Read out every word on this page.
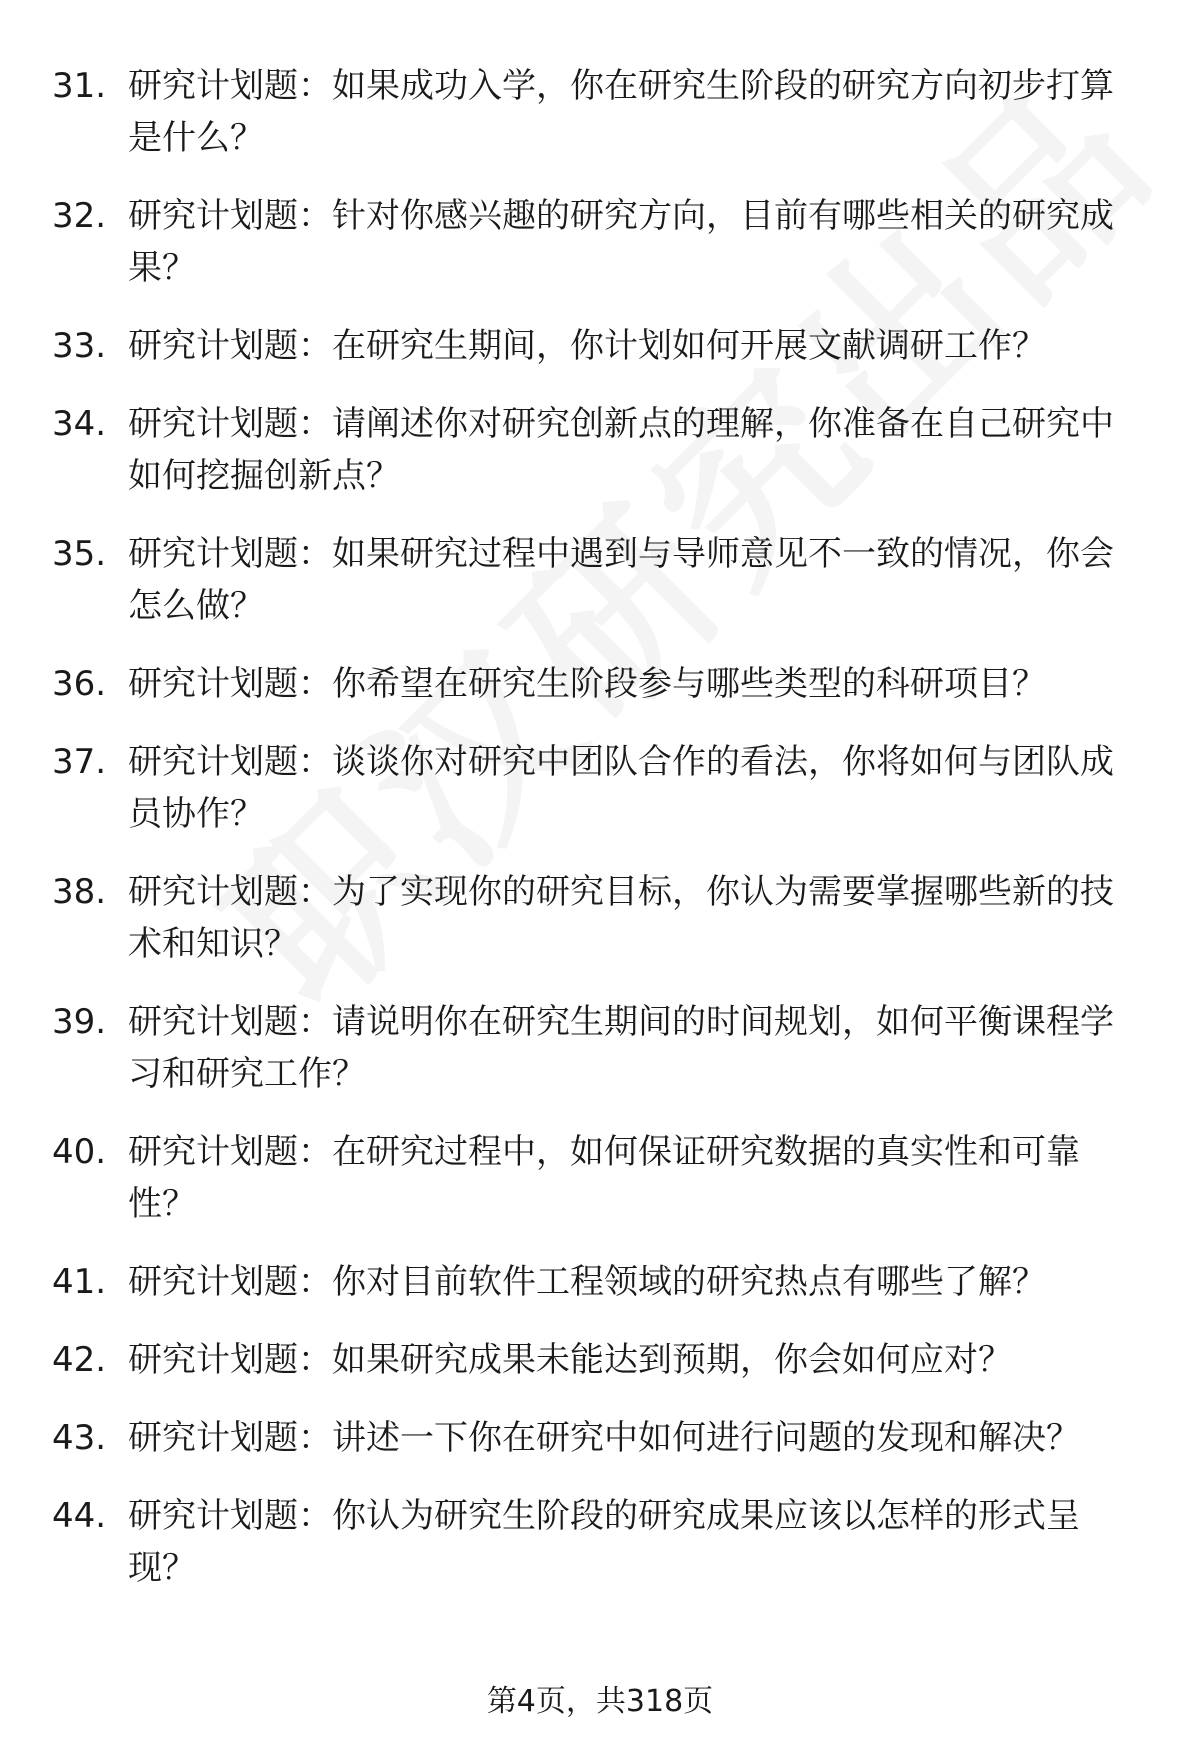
31. 研究计划题：如果成功入学，你在研究生阶段的研究方向初步打算是什么？
32. 研究计划题：针对你感兴趣的研究方向，目前有哪些相关的研究成果？
33. 研究计划题：在研究生期间，你计划如何开展文献调研工作？
34. 研究计划题：请阐述你对研究创新点的理解，你准备在自己研究中如何挖掘创新点？
35. 研究计划题：如果研究过程中遇到与导师意见不一致的情况，你会怎么做？
36. 研究计划题：你希望在研究生阶段参与哪些类型的科研项目？
37. 研究计划题：谈谈你对研究中团队合作的看法，你将如何与团队成员协作？
38. 研究计划题：为了实现你的研究目标，你认为需要掌握哪些新的技术和知识？
39. 研究计划题：请说明你在研究生期间的时间规划，如何平衡课程学习和研究工作？
40. 研究计划题：在研究过程中，如何保证研究数据的真实性和可靠性？
41. 研究计划题：你对目前软件工程领域的研究热点有哪些了解？
42. 研究计划题：如果研究成果未能达到预期，你会如何应对？
43. 研究计划题：讲述一下你在研究中如何进行问题的发现和解决？
44. 研究计划题：你认为研究生阶段的研究成果应该以怎样的形式呈现？
第4页，共318页
